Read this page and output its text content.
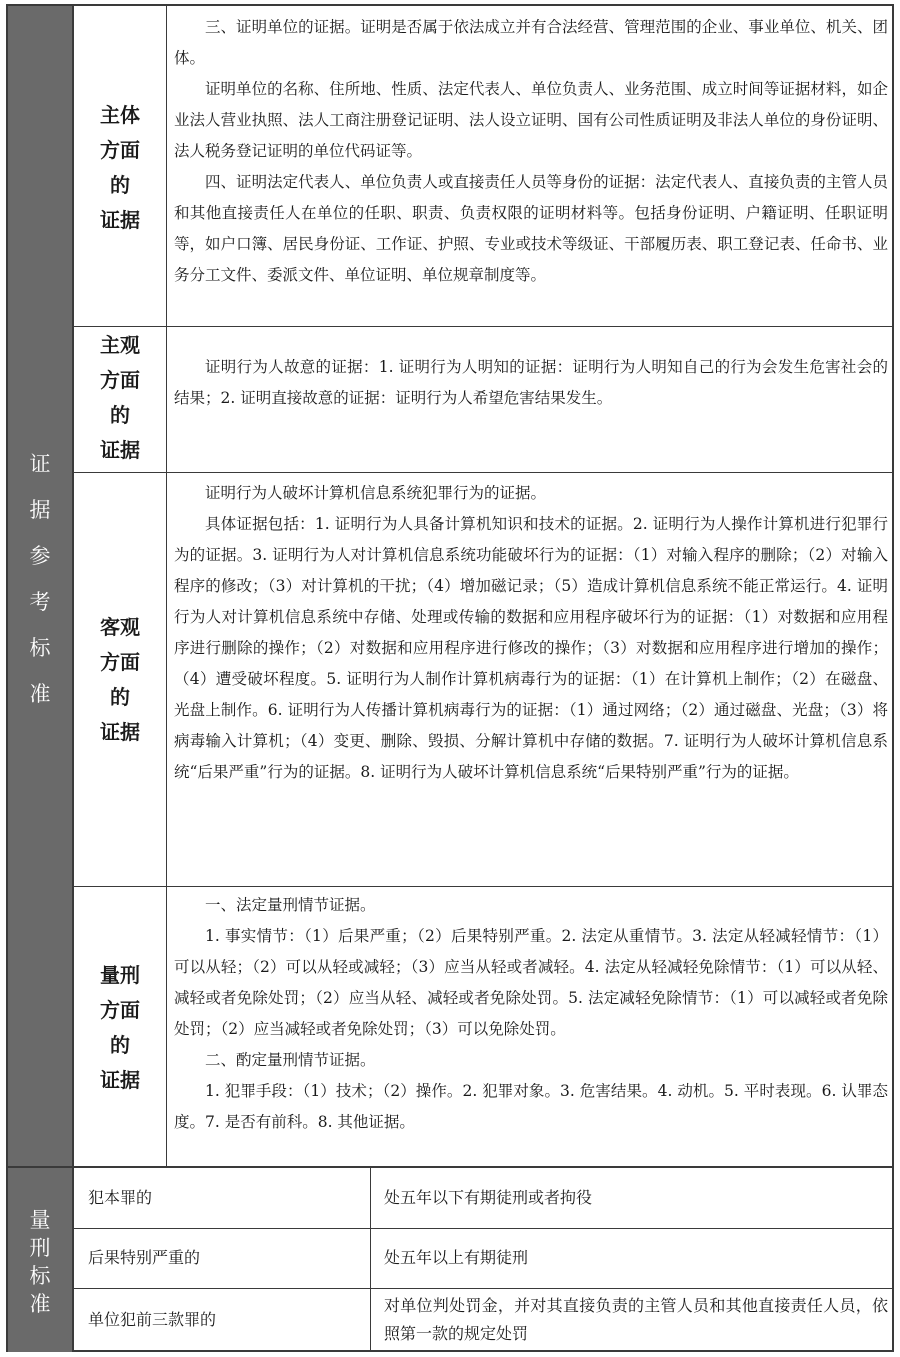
证
据
参
考
标
准
量
刑
标
准
主体
方面
的
证据

三、证明单位的证据。证明是否属于依法成立并有合法经营、管理范围的企业、事业单位、机关、团体。

证明单位的名称、住所地、性质、法定代表人、单位负责人、业务范围、成立时间等证据材料，如企业法人营业执照、法人工商注册登记证明、法人设立证明、国有公司性质证明及非法人单位的身份证明、法人税务登记证明的单位代码证等。

四、证明法定代表人、单位负责人或直接责任人员等身份的证据：法定代表人、直接负责的主管人员和其他直接责任人在单位的任职、职责、负责权限的证明材料等。包括身份证明、户籍证明、任职证明等，如户口簿、居民身份证、工作证、护照、专业或技术等级证、干部履历表、职工登记表、任命书、业务分工文件、委派文件、单位证明、单位规章制度等。

主观
方面
的
证据

证明行为人故意的证据：1. 证明行为人明知的证据：证明行为人明知自己的行为会发生危害社会的结果；2. 证明直接故意的证据：证明行为人希望危害结果发生。

客观
方面
的
证据

证明行为人破坏计算机信息系统犯罪行为的证据。

具体证据包括：1. 证明行为人具备计算机知识和技术的证据。2. 证明行为人操作计算机进行犯罪行为的证据。3. 证明行为人对计算机信息系统功能破坏行为的证据：（1）对输入程序的删除；（2）对输入程序的修改；（3）对计算机的干扰；（4）增加磁记录；（5）造成计算机信息系统不能正常运行。4. 证明行为人对计算机信息系统中存储、处理或传输的数据和应用程序破坏行为的证据：（1）对数据和应用程序进行删除的操作；（2）对数据和应用程序进行修改的操作；（3）对数据和应用程序进行增加的操作；（4）遭受破坏程度。5. 证明行为人制作计算机病毒行为的证据：（1）在计算机上制作；（2）在磁盘、光盘上制作。6. 证明行为人传播计算机病毒行为的证据：（1）通过网络；（2）通过磁盘、光盘；（3）将病毒输入计算机；（4）变更、删除、毁损、分解计算机中存储的数据。7. 证明行为人破坏计算机信息系统“后果严重”行为的证据。8. 证明行为人破坏计算机信息系统“后果特别严重”行为的证据。

量刑
方面
的
证据

一、法定量刑情节证据。

1. 事实情节：（1）后果严重；（2）后果特别严重。2. 法定从重情节。3. 法定从轻减轻情节：（1）可以从轻；（2）可以从轻或减轻；（3）应当从轻或者减轻。4. 法定从轻减轻免除情节：（1）可以从轻、减轻或者免除处罚；（2）应当从轻、减轻或者免除处罚。5. 法定减轻免除情节：（1）可以减轻或者免除处罚；（2）应当减轻或者免除处罚；（3）可以免除处罚。

二、酌定量刑情节证据。

1. 犯罪手段：（1）技术；（2）操作。2. 犯罪对象。3. 危害结果。4. 动机。5. 平时表现。6. 认罪态度。7. 是否有前科。8. 其他证据。

犯本罪的	处五年以下有期徒刑或者拘役
后果特别严重的	处五年以上有期徒刑
单位犯前三款罪的
对单位判处罚金，并对其直接负责的主管人员和其他直接责任人员，依照第一款的规定处罚
